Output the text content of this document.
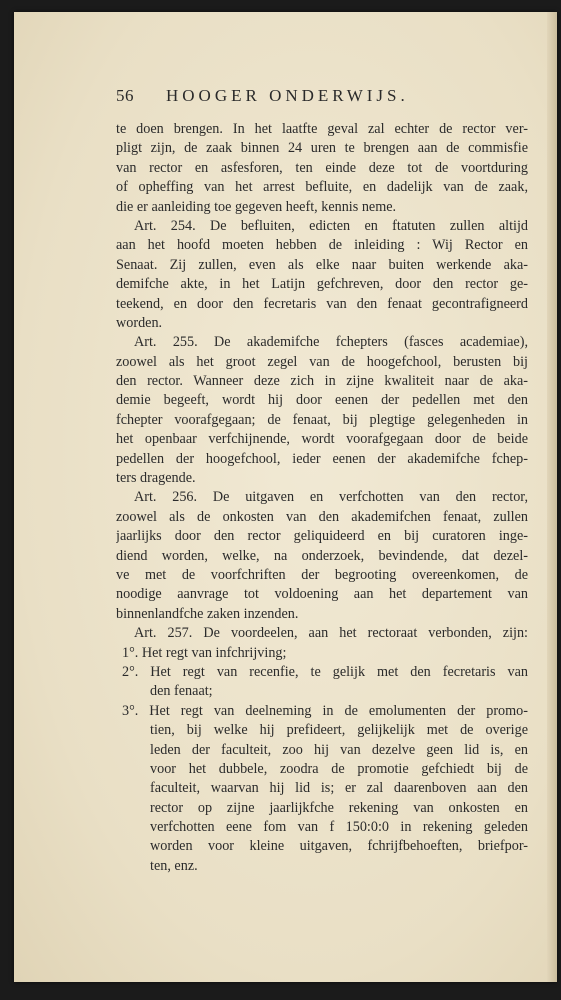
56 HOOGER ONDERWIJS.
te doen brengen. In het laatfte geval zal echter de rector ver-
pligt zijn, de zaak binnen 24 uren te brengen aan de commisfie
van rector en asfesforen, ten einde deze tot de voortduring
of opheffing van het arrest befluite, en dadelijk van de zaak,
die er aanleiding toe gegeven heeft, kennis neme.
Art. 254. De befluiten, edicten en ftatuten zullen altijd
aan het hoofd moeten hebben de inleiding : Wij Rector en
Senaat. Zij zullen, even als elke naar buiten werkende aka-
demifche akte, in het Latijn gefchreven, door den rector ge-
teekend, en door den fecretaris van den fenaat gecontrafigneerd
worden.
Art. 255. De akademifche fchepters (fasces academiae),
zoowel als het groot zegel van de hoogefchool, berusten bij
den rector. Wanneer deze zich in zijne kwaliteit naar de aka-
demie begeeft, wordt hij door eenen der pedellen met den
fchepter voorafgegaan; de fenaat, bij plegtige gelegenheden in
het openbaar verfchijnende, wordt voorafgegaan door de beide
pedellen der hoogefchool, ieder eenen der akademifche fchep-
ters dragende.
Art. 256. De uitgaven en verfchotten van den rector,
zoowel als de onkosten van den akademifchen fenaat, zullen
jaarlijks door den rector geliquideerd en bij curatoren inge-
diend worden, welke, na onderzoek, bevindende, dat dezel-
ve met de voorfchriften der begrooting overeenkomen, de
noodige aanvrage tot voldoening aan het departement van
binnenlandfche zaken inzenden.
Art. 257. De voordeelen, aan het rectoraat verbonden, zijn:
1°. Het regt van infchrijving;
2°. Het regt van recenfie, te gelijk met den fecretaris van
den fenaat;
3°. Het regt van deelneming in de emolumenten der promo-
tien, bij welke hij prefideert, gelijkelijk met de overige
leden der faculteit, zoo hij van dezelve geen lid is, en
voor het dubbele, zoodra de promotie gefchiedt bij de
faculteit, waarvan hij lid is; er zal daarenboven aan den
rector op zijne jaarlijkfche rekening van onkosten en
verfchotten eene fom van f 150:0:0 in rekening geleden
worden voor kleine uitgaven, fchrijfbehoeften, briefpor-
ten, enz.
